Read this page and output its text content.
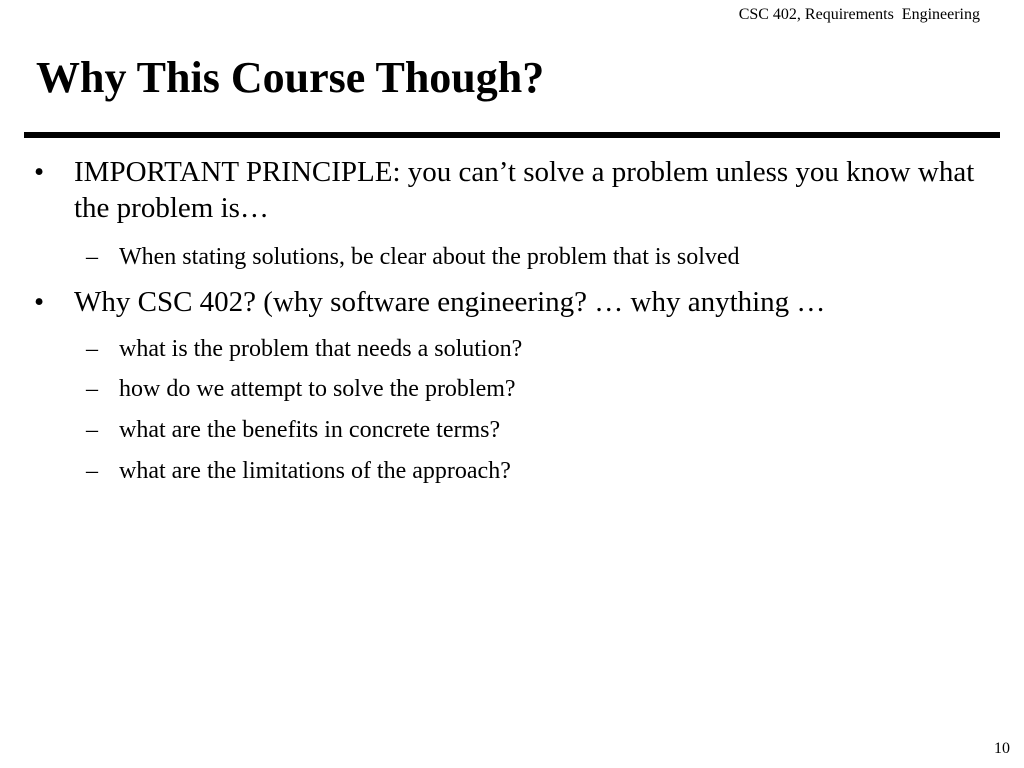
CSC 402, Requirements  Engineering
Why This Course Though?
• IMPORTANT PRINCIPLE: you can’t solve a problem unless you know what the problem is…
– When stating solutions, be clear about the problem that is solved
• Why CSC 402? (why software engineering? … why anything …
– what is the problem that needs a solution?
– how do we attempt to solve the problem?
– what are the benefits in concrete terms?
– what are the limitations of the approach?
10
